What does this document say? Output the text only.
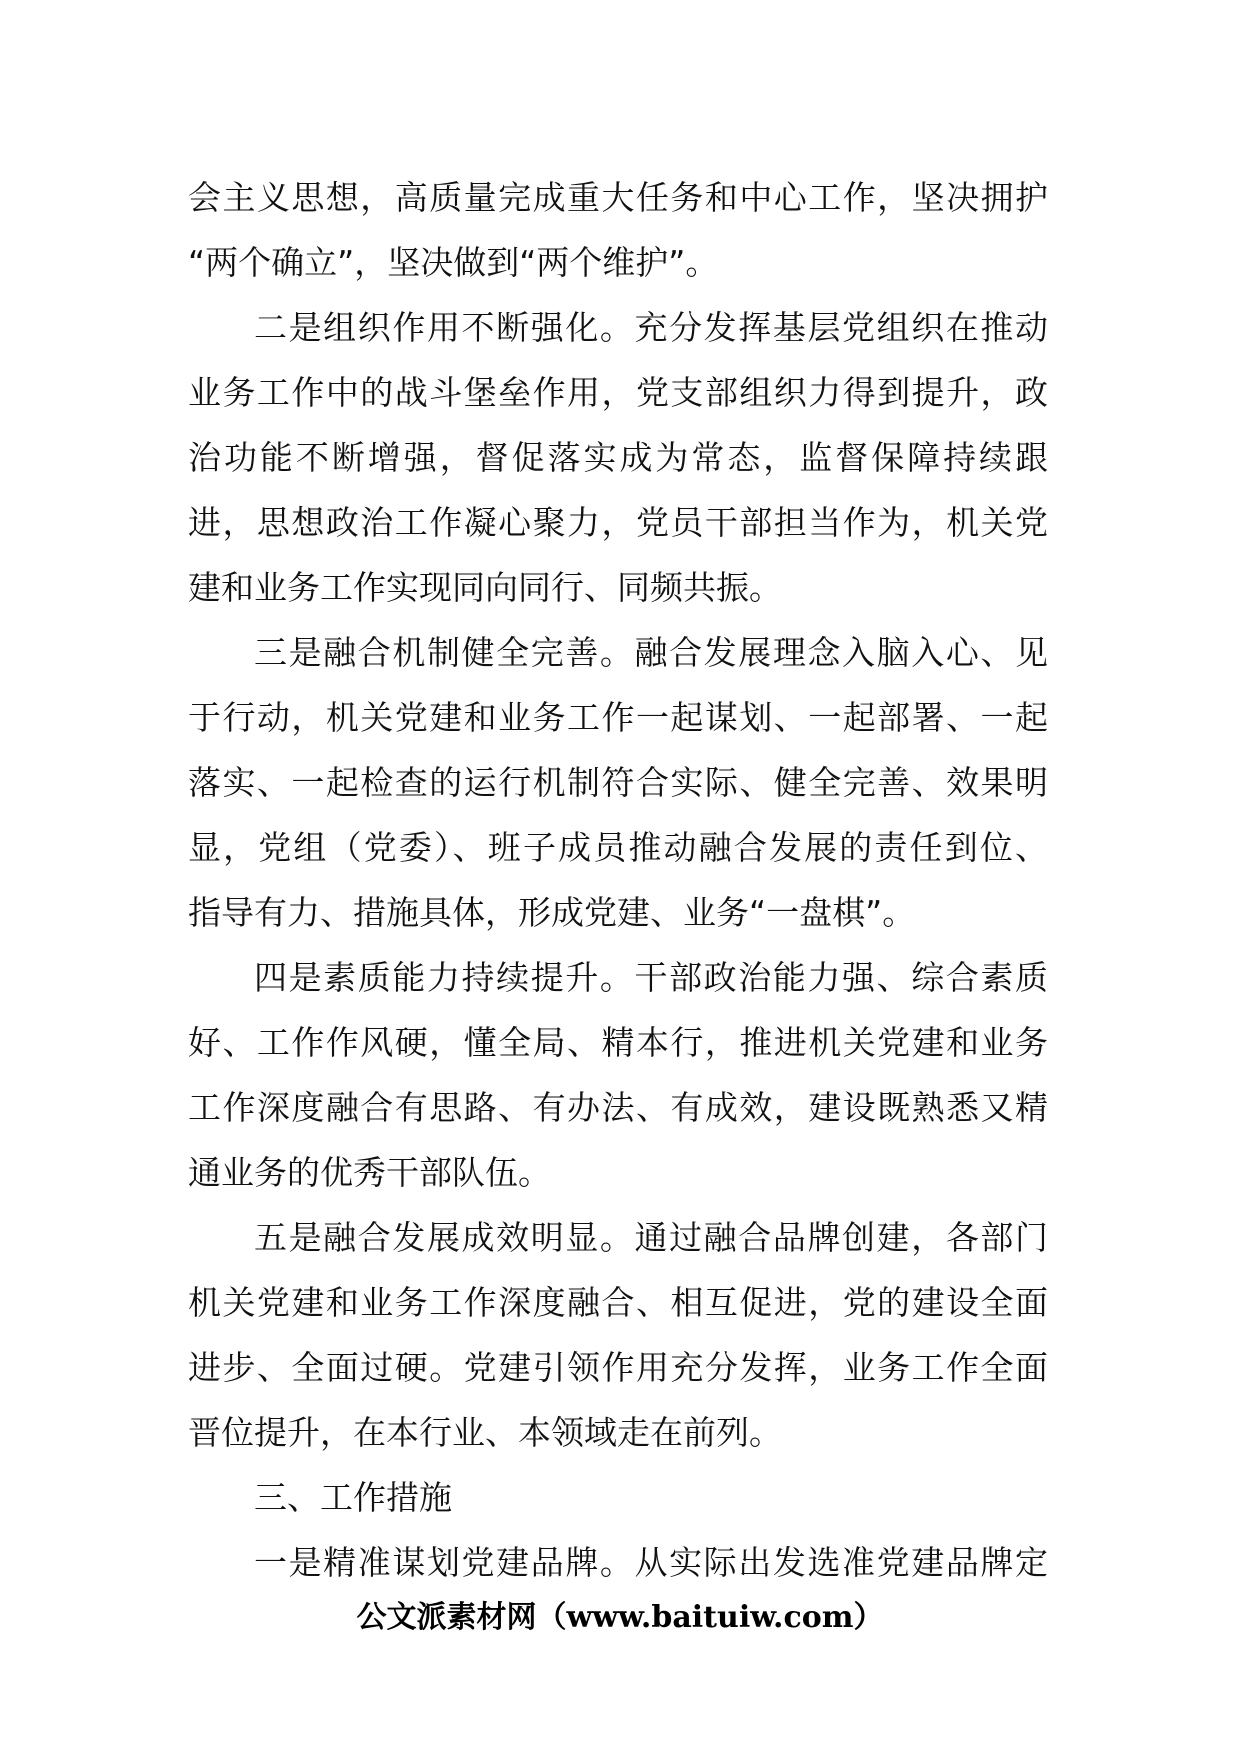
会主义思想，高质量完成重大任务和中心工作，坚决拥护
“两个确立”，坚决做到“两个维护”。
二是组织作用不断强化。充分发挥基层党组织在推动
业务工作中的战斗堡垒作用，党支部组织力得到提升，政
治功能不断增强，督促落实成为常态，监督保障持续跟
进，思想政治工作凝心聚力，党员干部担当作为，机关党
建和业务工作实现同向同行、同频共振。
三是融合机制健全完善。融合发展理念入脑入心、见
于行动，机关党建和业务工作一起谋划、一起部署、一起
落实、一起检查的运行机制符合实际、健全完善、效果明
显，党组（党委）、班子成员推动融合发展的责任到位、
指导有力、措施具体，形成党建、业务“一盘棋”。
四是素质能力持续提升。干部政治能力强、综合素质
好、工作作风硬，懂全局、精本行，推进机关党建和业务
工作深度融合有思路、有办法、有成效，建设既熟悉又精
通业务的优秀干部队伍。
五是融合发展成效明显。通过融合品牌创建，各部门
机关党建和业务工作深度融合、相互促进，党的建设全面
进步、全面过硬。党建引领作用充分发挥，业务工作全面
晋位提升，在本行业、本领域走在前列。
三、工作措施
一是精准谋划党建品牌。从实际出发选准党建品牌定
公文派素材网（www.baituiw.com）
